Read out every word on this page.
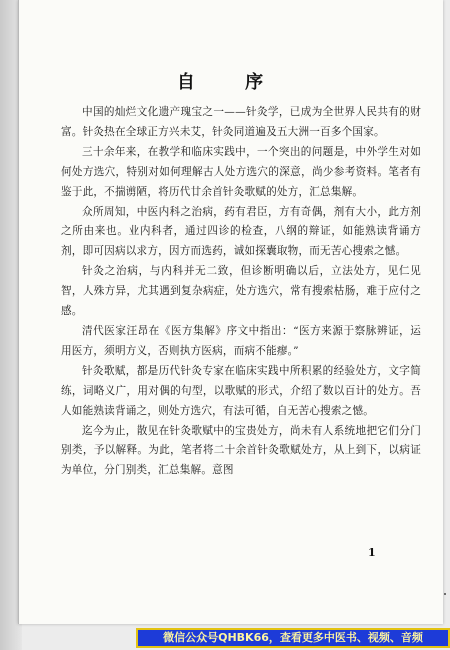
自 序

中国的灿烂文化遗产瑰宝之一——针灸学，已成为全世界人民共有的财富。针灸热在全球正方兴未艾，针灸同道遍及五大洲一百多个国家。

三十余年来，在教学和临床实践中，一个突出的问题是，中外学生对如何处方选穴，特别对如何理解古人处方选穴的深意，尚少参考资料。笔者有鉴于此，不揣谫陋，将历代廿余首针灸歌赋的处方，汇总集解。

众所周知，中医内科之治病，药有君臣，方有奇偶，剂有大小，此方剂之所由来也。业内科者，通过四诊的检查，八纲的辩证，如能熟读背诵方剂，即可因病以求方，因方而选药，诚如探囊取物，而无苦心搜索之憾。

针灸之治病，与内科并无二致，但诊断明确以后，立法处方，见仁见智，人殊方异，尤其遇到复杂病症，处方选穴，常有搜索枯肠，难于应付之感。

清代医家汪昂在《医方集解》序文中指出：“医方来源于察脉辨证，运用医方，须明方义，否则执方医病，而病不能瘳。”

针灸歌赋，都是历代针灸专家在临床实践中所积累的经验处方，文字简练，词略义广，用对偶的句型，以歌赋的形式，介绍了数以百计的处方。吾人如能熟读背诵之，则处方选穴，有法可循，自无苦心搜索之憾。

迄今为止，散见在针灸歌赋中的宝贵处方，尚未有人系统地把它们分门别类，予以解释。为此，笔者将二十余首针灸歌赋处方，从上到下，以病证为单位，分门别类，汇总集解。意图

1
微信公众号QHBK66，查看更多中医书、视频、音频
